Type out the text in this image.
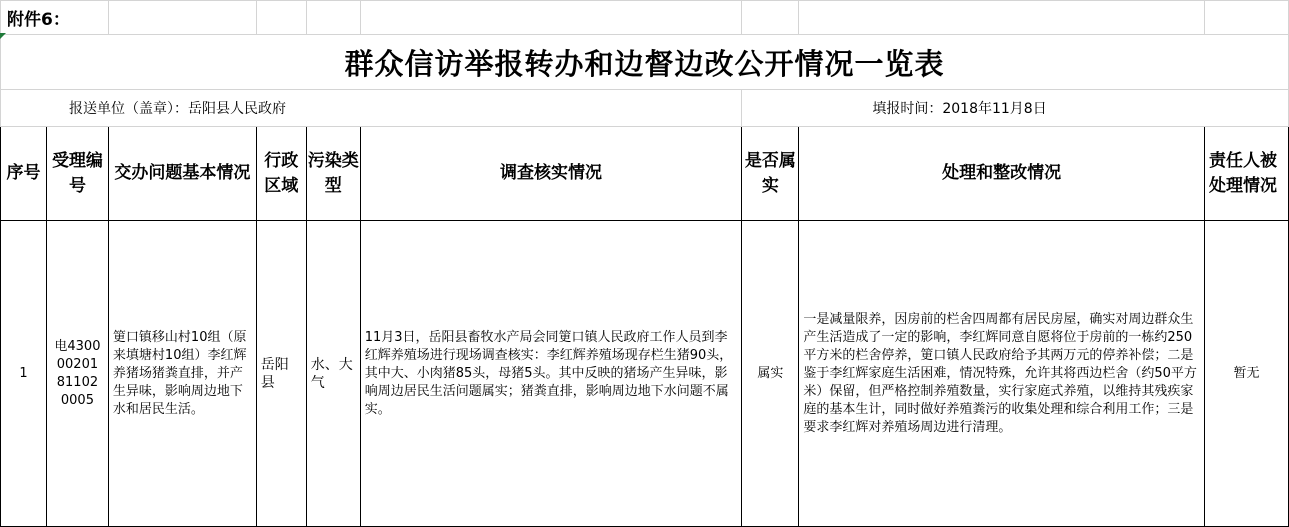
附件6：								
群众信访举报转办和边督边改公开情况一览表								
报送单位（盖章）：岳阳县人民政府						填报时间：2018年11月8日		
序号	受理编号	交办问题基本情况	行政区域	污染类型	调查核实情况	是否属实	处理和整改情况	责任人被处理情况
1	电430000201811020005	筻口镇移山村10组（原来填塘村10组）李红辉养猪场猪粪直排，并产生异味，影响周边地下水和居民生活。	岳阳县	水、大气	11月3日，岳阳县畜牧水产局会同筻口镇人民政府工作人员到李红辉养殖场进行现场调查核实：李红辉养殖场现存栏生猪90头，其中大、小肉猪85头，母猪5头。其中反映的猪场产生异味，影响周边居民生活问题属实；猪粪直排，影响周边地下水问题不属实。	属实	一是减量限养，因房前的栏舍四周都有居民房屋，确实对周边群众生产生活造成了一定的影响，李红辉同意自愿将位于房前的一栋约250平方米的栏舍停养，筻口镇人民政府给予其两万元的停养补偿；二是鉴于李红辉家庭生活困难，情况特殊，允许其将西边栏舍（约50平方米）保留，但严格控制养殖数量，实行家庭式养殖，以维持其残疾家庭的基本生计，同时做好养殖粪污的收集处理和综合利用工作；三是要求李红辉对养殖场周边进行清理。	暂无
